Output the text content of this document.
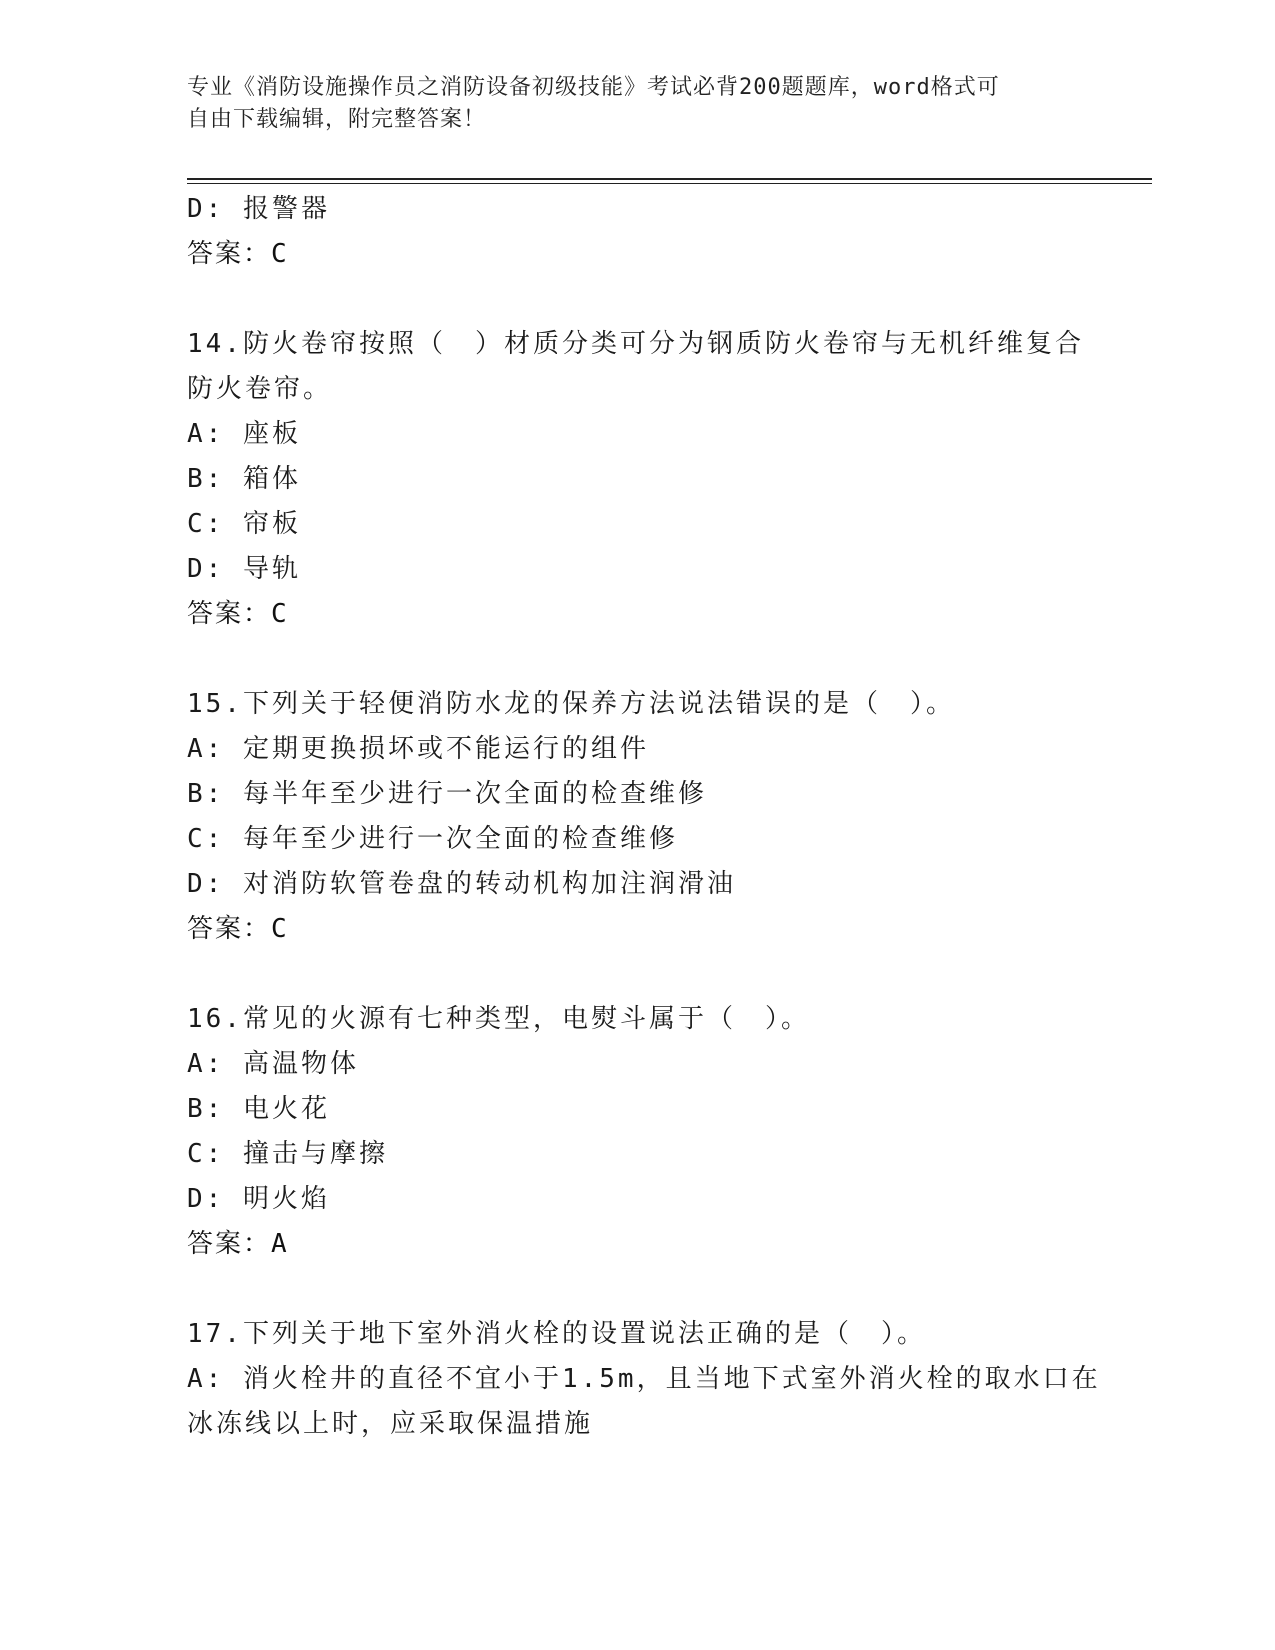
专业《消防设施操作员之消防设备初级技能》考试必背200题题库，word格式可
自由下载编辑，附完整答案！
D: 报警器
答案：C
14.防火卷帘按照（　）材质分类可分为钢质防火卷帘与无机纤维复合
防火卷帘。
A: 座板
B: 箱体
C: 帘板
D: 导轨
答案：C
15.下列关于轻便消防水龙的保养方法说法错误的是（　）。
A: 定期更换损坏或不能运行的组件
B: 每半年至少进行一次全面的检查维修
C: 每年至少进行一次全面的检查维修
D: 对消防软管卷盘的转动机构加注润滑油
答案：C
16.常见的火源有七种类型，电熨斗属于（　）。
A: 高温物体
B: 电火花
C: 撞击与摩擦
D: 明火焰
答案：A
17.下列关于地下室外消火栓的设置说法正确的是（　）。
A: 消火栓井的直径不宜小于1.5m，且当地下式室外消火栓的取水口在
冰冻线以上时，应采取保温措施
